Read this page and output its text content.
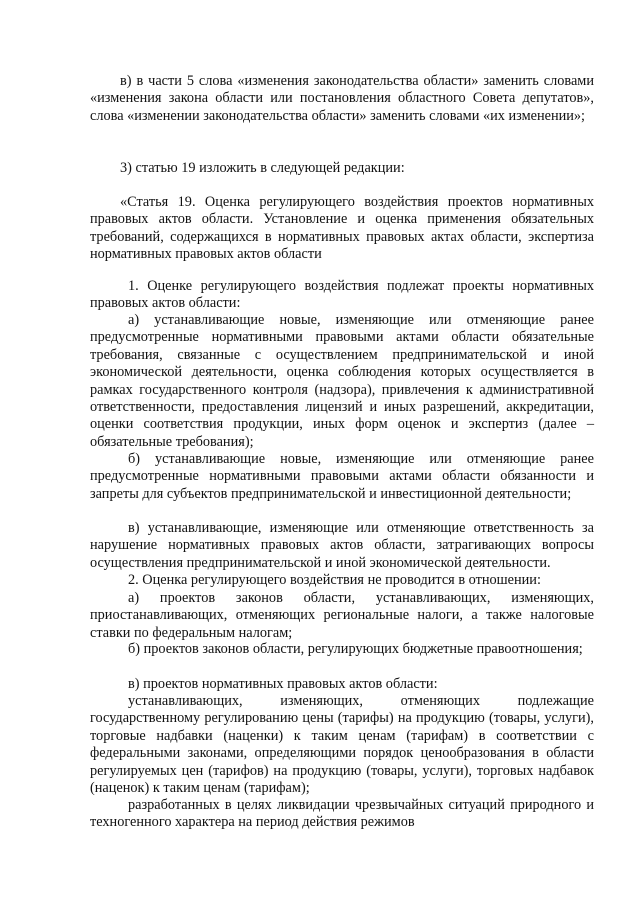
в) в части 5 слова «изменения законодательства области» заменить словами «изменения закона области или постановления областного Совета депутатов», слова «изменении законодательства области» заменить словами «их изменении»;

3) статью 19 изложить в следующей редакции:

«Статья 19. Оценка регулирующего воздействия проектов нормативных правовых актов области. Установление и оценка применения обязательных требований, содержащихся в нормативных правовых актах области, экспертиза нормативных правовых актов области

1. Оценке регулирующего воздействия подлежат проекты нормативных правовых актов области:

а) устанавливающие новые, изменяющие или отменяющие ранее предусмотренные нормативными правовыми актами области обязательные требования, связанные с осуществлением предпринимательской и иной экономической деятельности, оценка соблюдения которых осуществляется в рамках государственного контроля (надзора), привлечения к административной ответственности, предоставления лицензий и иных разрешений, аккредитации, оценки соответствия продукции, иных форм оценок и экспертиз (далее – обязательные требования);

б) устанавливающие новые, изменяющие или отменяющие ранее предусмотренные нормативными правовыми актами области обязанности и запреты для субъектов предпринимательской и инвестиционной деятельности;

в) устанавливающие, изменяющие или отменяющие ответственность за нарушение нормативных правовых актов области, затрагивающих вопросы осуществления предпринимательской и иной экономической деятельности.

2. Оценка регулирующего воздействия не проводится в отношении:

а) проектов законов области, устанавливающих, изменяющих, приостанавливающих, отменяющих региональные налоги, а также налоговые ставки по федеральным налогам;

б) проектов законов области, регулирующих бюджетные правоотношения;

в) проектов нормативных правовых актов области:

устанавливающих, изменяющих, отменяющих подлежащие государственному регулированию цены (тарифы) на продукцию (товары, услуги), торговые надбавки (наценки) к таким ценам (тарифам) в соответствии с федеральными законами, определяющими порядок ценообразования в области регулируемых цен (тарифов) на продукцию (товары, услуги), торговых надбавок (наценок) к таким ценам (тарифам);

разработанных в целях ликвидации чрезвычайных ситуаций природного и техногенного характера на период действия режимов
